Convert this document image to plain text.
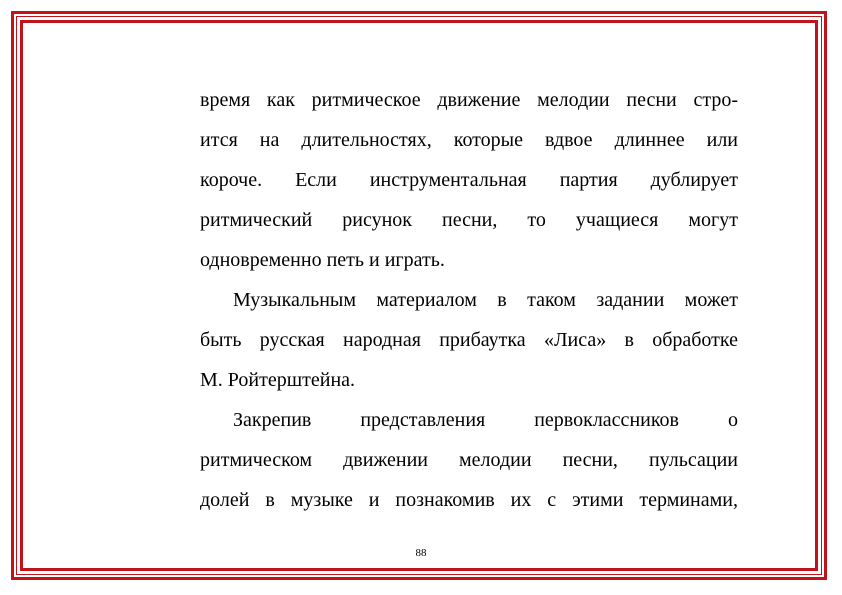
время как ритмическое движение мелодии песни стро-
ится на длительностях, которые вдвое длиннее или
короче. Если инструментальная партия дублирует
ритмический рисунок песни, то учащиеся могут
одновременно петь и играть.
Музыкальным материалом в таком задании может
быть русская народная прибаутка «Лиса» в обработке
М. Ройтерштейна.
Закрепив представления первоклассников о
ритмическом движении мелодии песни, пульсации
долей в музыке и познакомив их с этими терминами,
88
